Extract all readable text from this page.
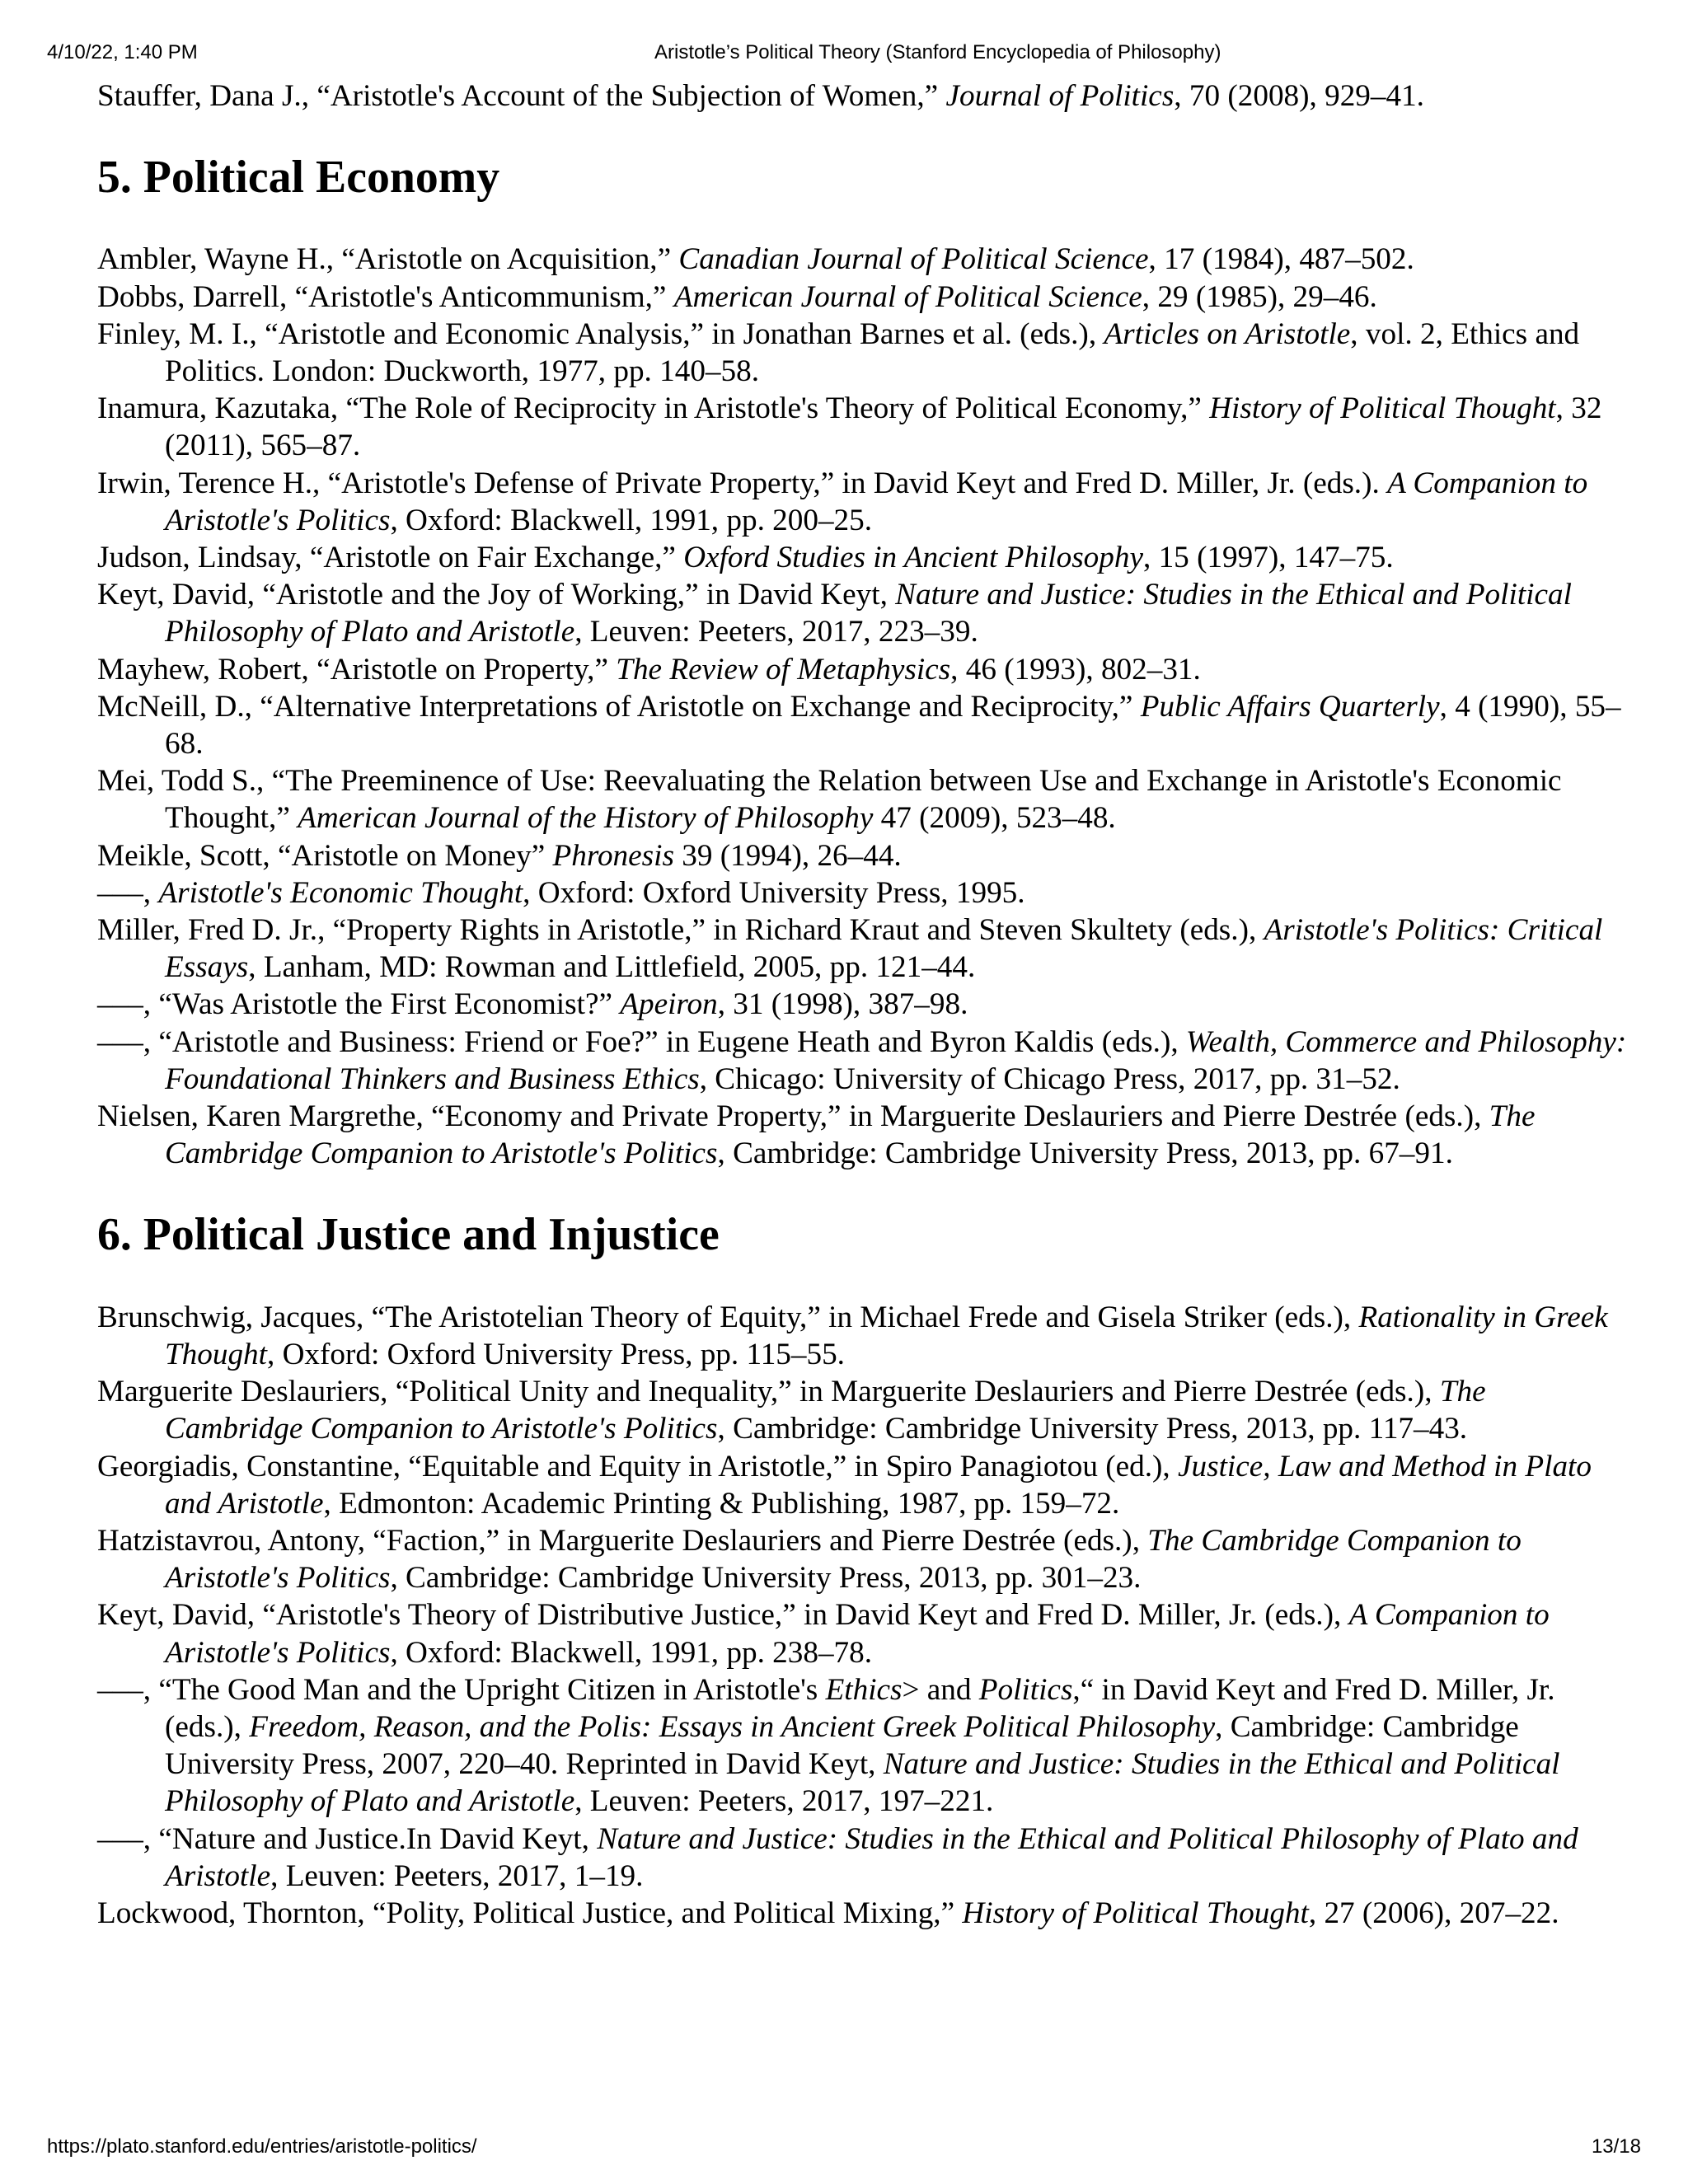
4/10/22, 1:40 PM	Aristotle’s Political Theory (Stanford Encyclopedia of Philosophy)

Stauffer, Dana J., “Aristotle's Account of the Subjection of Women,” Journal of Politics, 70 (2008), 929–41.

5. Political Economy

Ambler, Wayne H., “Aristotle on Acquisition,” Canadian Journal of Political Science, 17 (1984), 487–502.

Dobbs, Darrell, “Aristotle's Anticommunism,” American Journal of Political Science, 29 (1985), 29–46.

Finley, M. I., “Aristotle and Economic Analysis,” in Jonathan Barnes et al. (eds.), Articles on Aristotle, vol. 2, Ethics and Politics. London: Duckworth, 1977, pp. 140–58.

Inamura, Kazutaka, “The Role of Reciprocity in Aristotle's Theory of Political Economy,” History of Political Thought, 32 (2011), 565–87.

Irwin, Terence H., “Aristotle's Defense of Private Property,” in David Keyt and Fred D. Miller, Jr. (eds.). A Companion to Aristotle's Politics, Oxford: Blackwell, 1991, pp. 200–25.

Judson, Lindsay, “Aristotle on Fair Exchange,” Oxford Studies in Ancient Philosophy, 15 (1997), 147–75.

Keyt, David, “Aristotle and the Joy of Working,” in David Keyt, Nature and Justice: Studies in the Ethical and Political Philosophy of Plato and Aristotle, Leuven: Peeters, 2017, 223–39.

Mayhew, Robert, “Aristotle on Property,” The Review of Metaphysics, 46 (1993), 802–31.

McNeill, D., “Alternative Interpretations of Aristotle on Exchange and Reciprocity,” Public Affairs Quarterly, 4 (1990), 55–68.

Mei, Todd S., “The Preeminence of Use: Reevaluating the Relation between Use and Exchange in Aristotle's Economic Thought,” American Journal of the History of Philosophy 47 (2009), 523–48.

Meikle, Scott, “Aristotle on Money” Phronesis 39 (1994), 26–44.

–––, Aristotle's Economic Thought, Oxford: Oxford University Press, 1995.

Miller, Fred D. Jr., “Property Rights in Aristotle,” in Richard Kraut and Steven Skultety (eds.), Aristotle's Politics: Critical Essays, Lanham, MD: Rowman and Littlefield, 2005, pp. 121–44.

–––, “Was Aristotle the First Economist?” Apeiron, 31 (1998), 387–98.

–––, “Aristotle and Business: Friend or Foe?” in Eugene Heath and Byron Kaldis (eds.), Wealth, Commerce and Philosophy: Foundational Thinkers and Business Ethics, Chicago: University of Chicago Press, 2017, pp. 31–52.

Nielsen, Karen Margrethe, “Economy and Private Property,” in Marguerite Deslauriers and Pierre Destrée (eds.), The Cambridge Companion to Aristotle's Politics, Cambridge: Cambridge University Press, 2013, pp. 67–91.

6. Political Justice and Injustice

Brunschwig, Jacques, “The Aristotelian Theory of Equity,” in Michael Frede and Gisela Striker (eds.), Rationality in Greek Thought, Oxford: Oxford University Press, pp. 115–55.

Marguerite Deslauriers, “Political Unity and Inequality,” in Marguerite Deslauriers and Pierre Destrée (eds.), The Cambridge Companion to Aristotle's Politics, Cambridge: Cambridge University Press, 2013, pp. 117–43.

Georgiadis, Constantine, “Equitable and Equity in Aristotle,” in Spiro Panagiotou (ed.), Justice, Law and Method in Plato and Aristotle, Edmonton: Academic Printing & Publishing, 1987, pp. 159–72.

Hatzistavrou, Antony, “Faction,” in Marguerite Deslauriers and Pierre Destrée (eds.), The Cambridge Companion to Aristotle's Politics, Cambridge: Cambridge University Press, 2013, pp. 301–23.

Keyt, David, “Aristotle's Theory of Distributive Justice,” in David Keyt and Fred D. Miller, Jr. (eds.), A Companion to Aristotle's Politics, Oxford: Blackwell, 1991, pp. 238–78.

–––, “The Good Man and the Upright Citizen in Aristotle's Ethics> and Politics,“ in David Keyt and Fred D. Miller, Jr. (eds.), Freedom, Reason, and the Polis: Essays in Ancient Greek Political Philosophy, Cambridge: Cambridge University Press, 2007, 220–40. Reprinted in David Keyt, Nature and Justice: Studies in the Ethical and Political Philosophy of Plato and Aristotle, Leuven: Peeters, 2017, 197–221.

–––, “Nature and Justice.In David Keyt, Nature and Justice: Studies in the Ethical and Political Philosophy of Plato and Aristotle, Leuven: Peeters, 2017, 1–19.

Lockwood, Thornton, “Polity, Political Justice, and Political Mixing,” History of Political Thought, 27 (2006), 207–22.

https://plato.stanford.edu/entries/aristotle-politics/	13/18
